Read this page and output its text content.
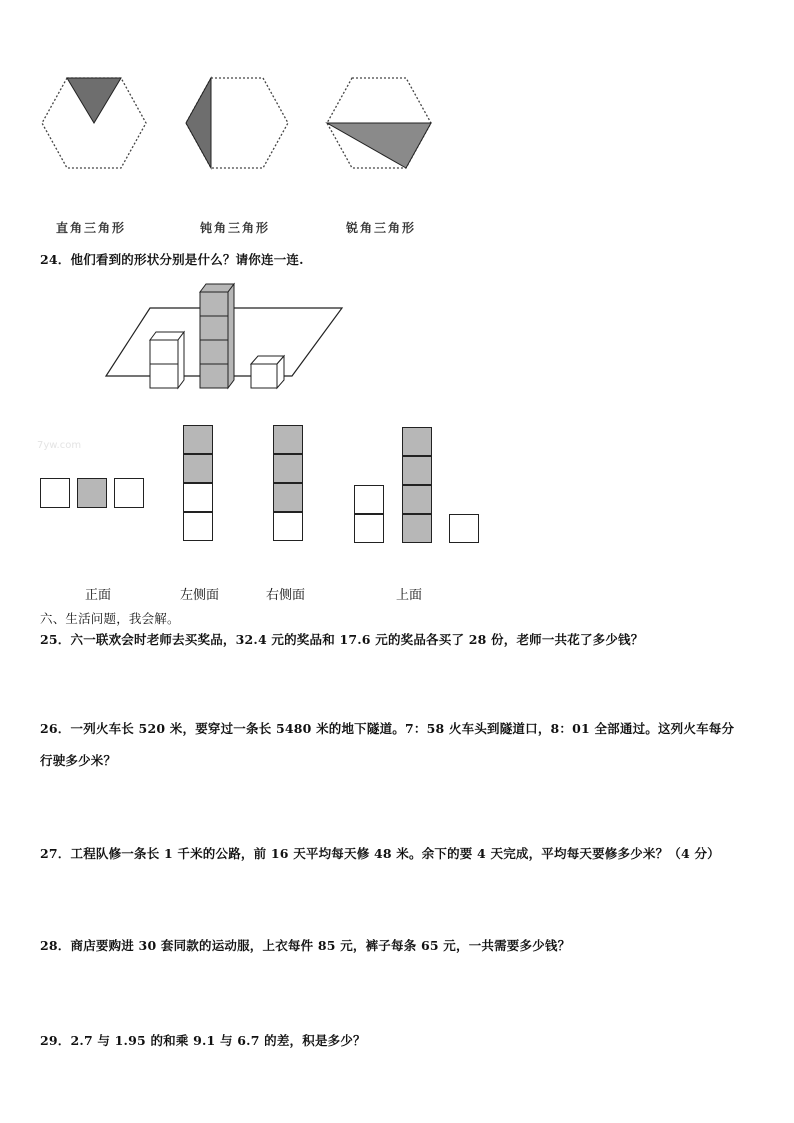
直角三角形	钝角三角形	锐角三角形
24．他们看到的形状分别是什么？请你连一连.
7yw.com
正面	左侧面	右侧面	上面
六、生活问题，我会解。
25．六一联欢会时老师去买奖品，32.4 元的奖品和 17.6 元的奖品各买了 28 份，老师一共花了多少钱？
26．一列火车长 520 米，要穿过一条长 5480 米的地下隧道。7：58 火车头到隧道口，8：01 全部通过。这列火车每分
行驶多少米？
27．工程队修一条长 1 千米的公路，前 16 天平均每天修 48 米。余下的要 4 天完成，平均每天要修多少米？（4 分）
28．商店要购进 30 套同款的运动服，上衣每件 85 元，裤子每条 65 元，一共需要多少钱？
29．2.7 与 1.95 的和乘 9.1 与 6.7 的差，积是多少？
